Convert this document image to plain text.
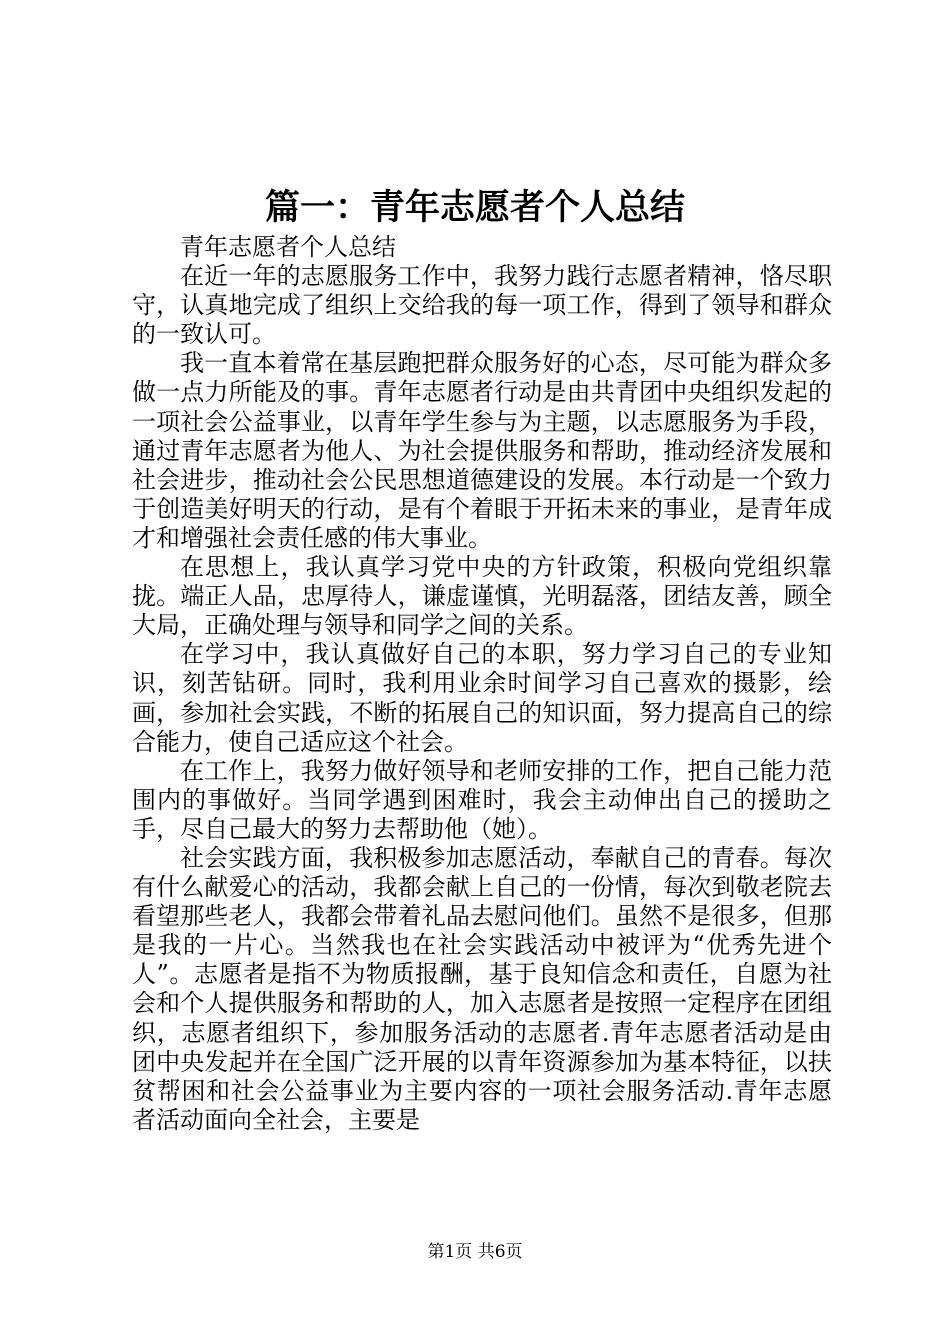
篇一：青年志愿者个人总结

青年志愿者个人总结

在近一年的志愿服务工作中，我努力践行志愿者精神，恪尽职守，认真地完成了组织上交给我的每一项工作，得到了领导和群众的一致认可。

我一直本着常在基层跑把群众服务好的心态，尽可能为群众多做一点力所能及的事。青年志愿者行动是由共青团中央组织发起的一项社会公益事业，以青年学生参与为主题，以志愿服务为手段，通过青年志愿者为他人、为社会提供服务和帮助，推动经济发展和社会进步，推动社会公民思想道德建设的发展。本行动是一个致力于创造美好明天的行动，是有个着眼于开拓未来的事业，是青年成才和增强社会责任感的伟大事业。

在思想上，我认真学习党中央的方针政策，积极向党组织靠拢。端正人品，忠厚待人，谦虚谨慎，光明磊落，团结友善，顾全大局，正确处理与领导和同学之间的关系。

在学习中，我认真做好自己的本职，努力学习自己的专业知识，刻苦钻研。同时，我利用业余时间学习自己喜欢的摄影，绘画，参加社会实践，不断的拓展自己的知识面，努力提高自己的综合能力，使自己适应这个社会。

在工作上，我努力做好领导和老师安排的工作，把自己能力范围内的事做好。当同学遇到困难时，我会主动伸出自己的援助之手，尽自己最大的努力去帮助他（她）。

社会实践方面，我积极参加志愿活动，奉献自己的青春。每次有什么献爱心的活动，我都会献上自己的一份情，每次到敬老院去看望那些老人，我都会带着礼品去慰问他们。虽然不是很多，但那是我的一片心。当然我也在社会实践活动中被评为“优秀先进个人”。志愿者是指不为物质报酬，基于良知信念和责任，自愿为社会和个人提供服务和帮助的人，加入志愿者是按照一定程序在团组织，志愿者组织下，参加服务活动的志愿者.青年志愿者活动是由团中央发起并在全国广泛开展的以青年资源参加为基本特征，以扶贫帮困和社会公益事业为主要内容的一项社会服务活动.青年志愿者活动面向全社会，主要是

第1页 共6页
